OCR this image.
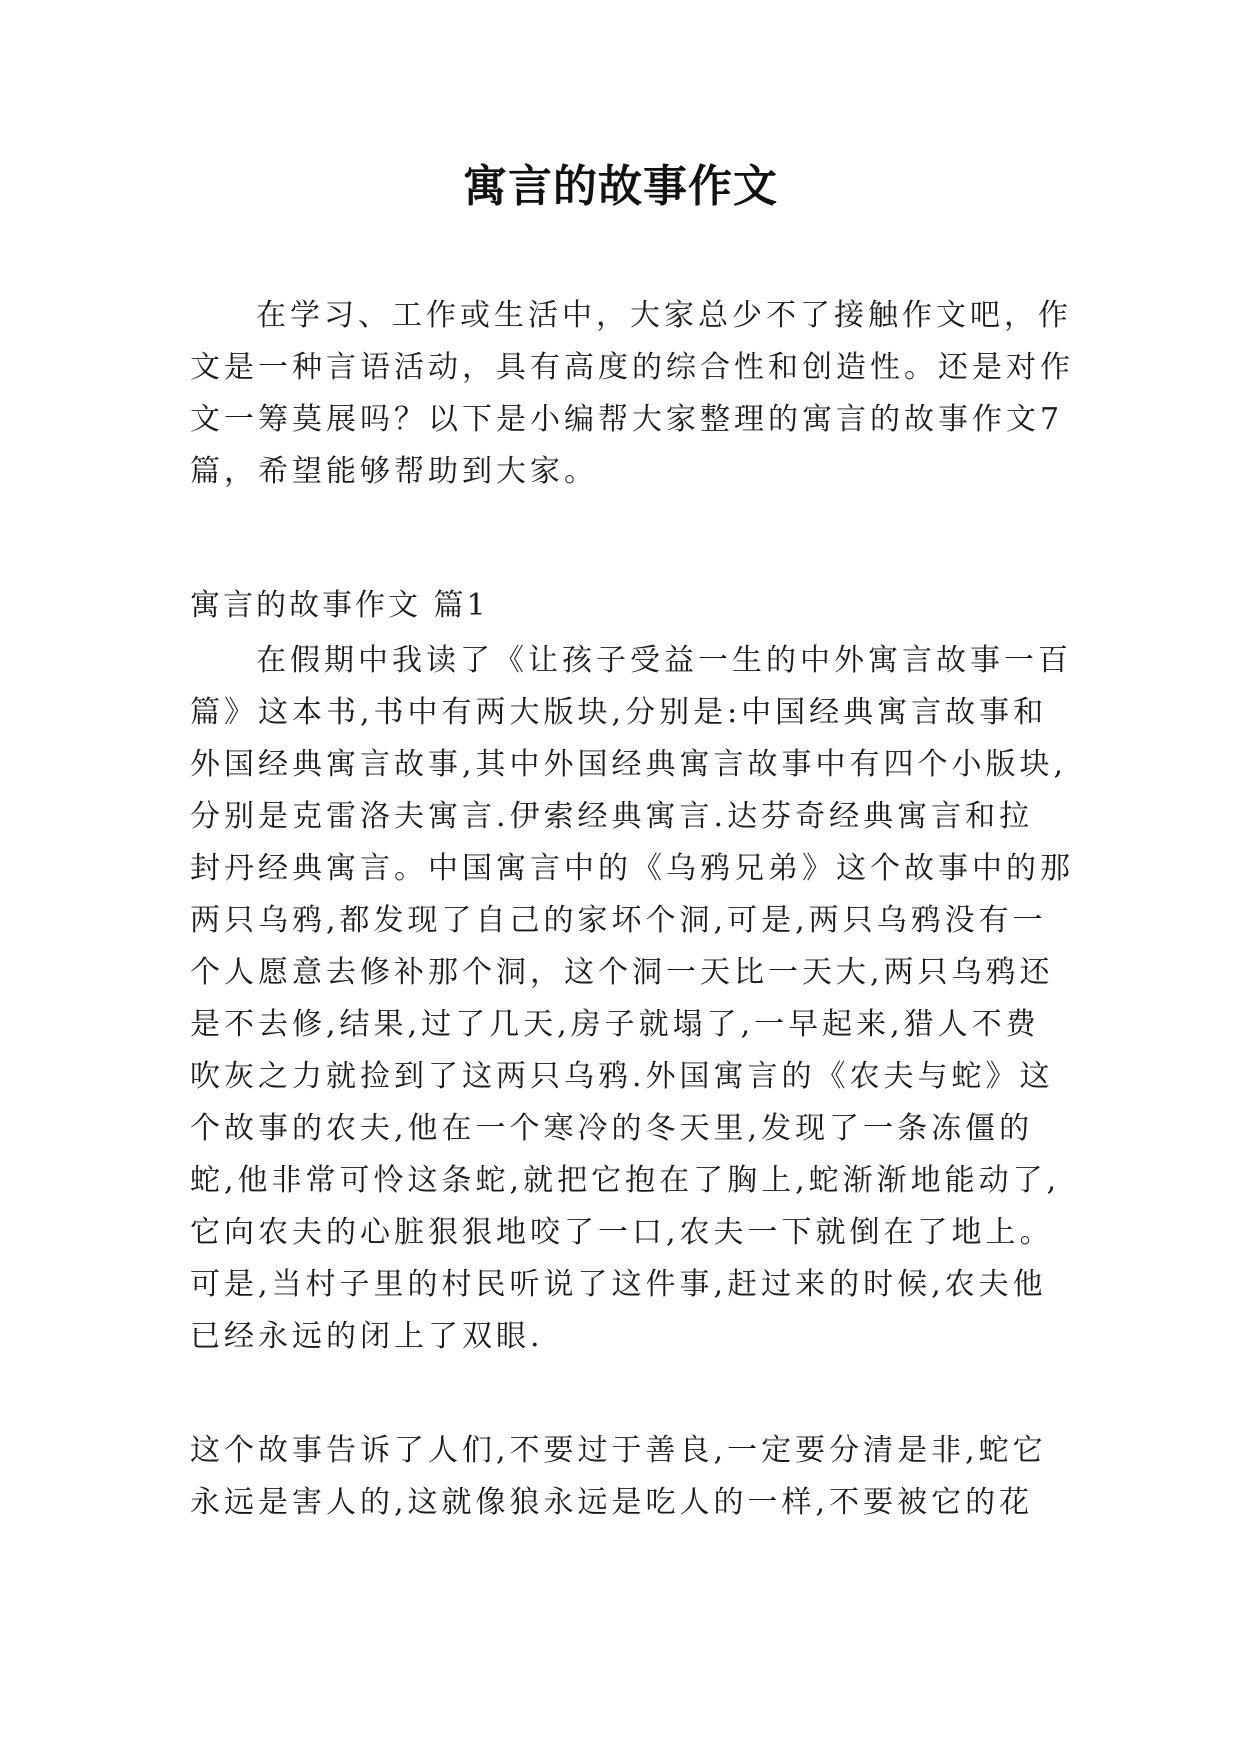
寓言的故事作文
在学习、工作或生活中，大家总少不了接触作文吧，作
文是一种言语活动，具有高度的综合性和创造性。还是对作
文一筹莫展吗？以下是小编帮大家整理的寓言的故事作文7
篇，希望能够帮助到大家。
寓言的故事作文 篇1
在假期中我读了《让孩子受益一生的中外寓言故事一百
篇》这本书,书中有两大版块,分别是:中国经典寓言故事和
外国经典寓言故事,其中外国经典寓言故事中有四个小版块,
分别是克雷洛夫寓言.伊索经典寓言.达芬奇经典寓言和拉
封丹经典寓言。中国寓言中的《乌鸦兄弟》这个故事中的那
两只乌鸦,都发现了自己的家坏个洞,可是,两只乌鸦没有一
个人愿意去修补那个洞，这个洞一天比一天大,两只乌鸦还
是不去修,结果,过了几天,房子就塌了,一早起来,猎人不费
吹灰之力就捡到了这两只乌鸦.外国寓言的《农夫与蛇》这
个故事的农夫,他在一个寒冷的冬天里,发现了一条冻僵的
蛇,他非常可怜这条蛇,就把它抱在了胸上,蛇渐渐地能动了,
它向农夫的心脏狠狠地咬了一口,农夫一下就倒在了地上。
可是,当村子里的村民听说了这件事,赶过来的时候,农夫他
已经永远的闭上了双眼.
这个故事告诉了人们,不要过于善良,一定要分清是非,蛇它
永远是害人的,这就像狼永远是吃人的一样,不要被它的花
